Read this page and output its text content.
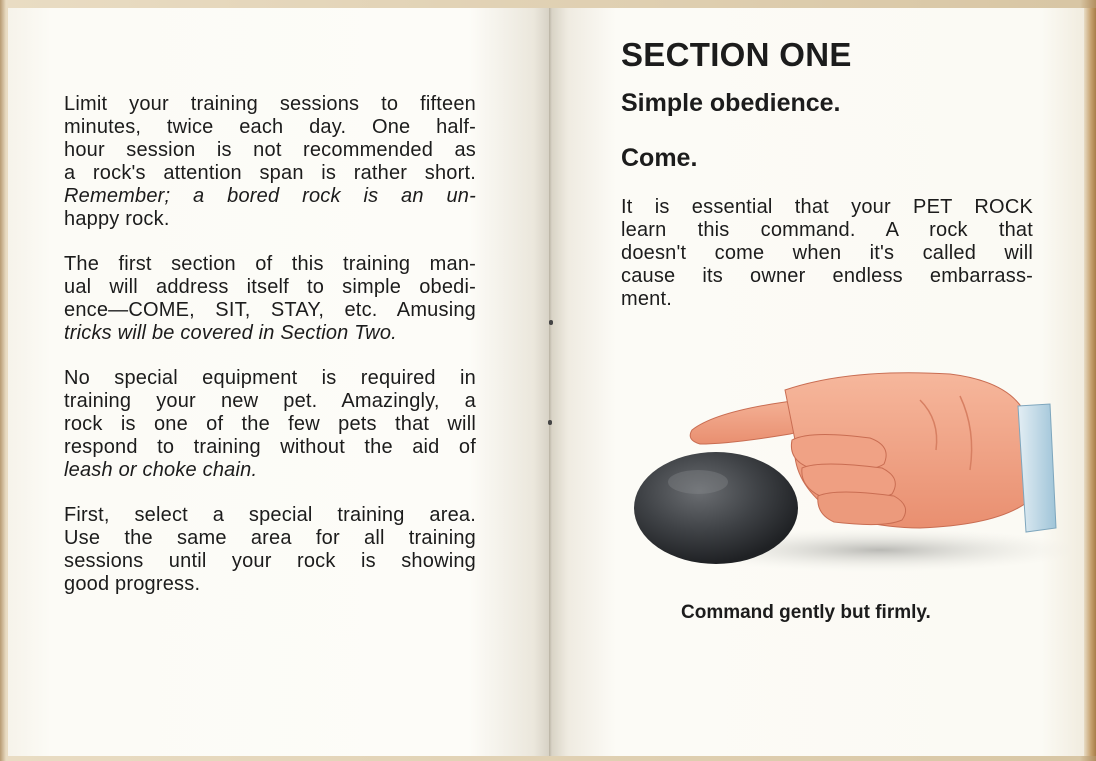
Limit your training sessions to fifteen
minutes, twice each day. One half-
hour session is not recommended as
a rock's attention span is rather short.
Remember; a bored rock is an un-
happy rock.

The first section of this training man-
ual will address itself to simple obedi-
ence—COME, SIT, STAY, etc. Amusing
tricks will be covered in Section Two.

No special equipment is required in
training your new pet. Amazingly, a
rock is one of the few pets that will
respond to training without the aid of
leash or choke chain.

First, select a special training area.
Use the same area for all training
sessions until your rock is showing
good progress.

SECTION ONE
Simple obedience.
Come.

It is essential that your PET ROCK
learn this command. A rock that
doesn't come when it's called will
cause its owner endless embarrass-
ment.

Command gently but firmly.
